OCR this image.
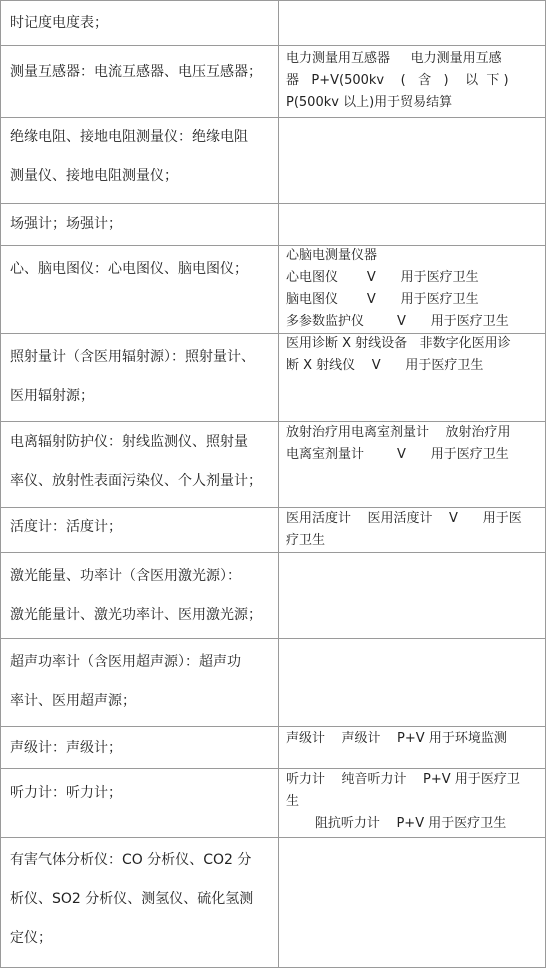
时记度电度表；
测量互感器：电流互感器、电压互感器；
电力测量用互感器     电力测量用互感
器   P+V(500kv    (   含   )    以  下 )
P(500kv 以上)用于贸易结算
绝缘电阻、接地电阻测量仪：绝缘电阻
测量仪、接地电阻测量仪；
场强计；场强计；
心、脑电图仪：心电图仪、脑电图仪；
心脑电测量仪器
心电图仪       V      用于医疗卫生
脑电图仪       V      用于医疗卫生
多参数监护仪        V      用于医疗卫生
照射量计（含医用辐射源）：照射量计、
医用辐射源；
医用诊断 X 射线设备   非数字化医用诊
断 X 射线仪    V      用于医疗卫生
电离辐射防护仪：射线监测仪、照射量
率仪、放射性表面污染仪、个人剂量计；
放射治疗用电离室剂量计    放射治疗用
电离室剂量计        V      用于医疗卫生
活度计：活度计；
医用活度计    医用活度计    V      用于医
疗卫生
激光能量、功率计（含医用激光源）：
激光能量计、激光功率计、医用激光源；
超声功率计（含医用超声源）：超声功
率计、医用超声源；
声级计：声级计；
声级计    声级计    P+V 用于环境监测
听力计：听力计；
听力计    纯音听力计    P+V 用于医疗卫
生
阻抗听力计    P+V 用于医疗卫生
有害气体分析仪：CO 分析仪、CO2 分
析仪、SO2 分析仪、测氢仪、硫化氢测
定仪；
